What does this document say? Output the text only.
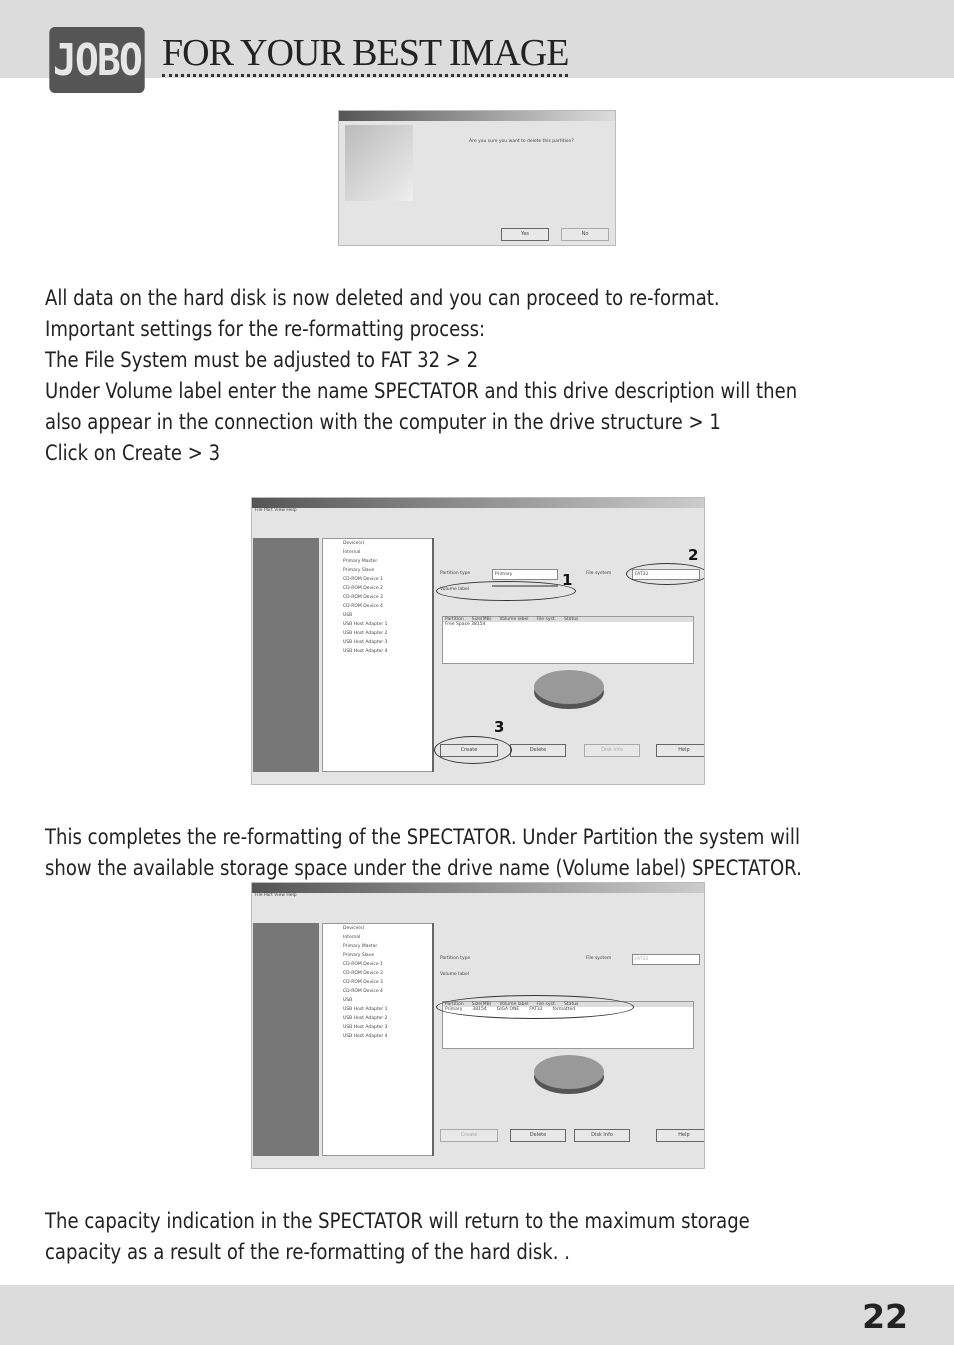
JOBO FOR YOUR BEST IMAGE
Are you sure you want to delete this partition?
Yes	No
All data on the hard disk is now deleted and you can proceed to re-format.
Important settings for the re-formatting process:
The File System must be adjusted to FAT 32 > 2
Under Volume label enter the name SPECTATOR and this drive description will then
also appear in the connection with the computer in the drive structure > 1
Click on Create > 3
File Part View Help
Device(s)
Internal
Primary Master
Primary Slave
CD-ROM Device 1
CD-ROM Device 2
CD-ROM Device 3
CD-ROM Device 4
USB
USB Host Adapter 1
USB Host Adapter 2
USB Host Adapter 3
USB Host Adapter 4
Partition type	Primary
Volume label
File system	FAT32
Partition Size(MB) Volume label File syst. Status
Free Space 38154
Create	Delete	Disk Info	Help
1
2
3
This completes the re-formatting of the SPECTATOR. Under Partition the system will
show the available storage space under the drive name (Volume label) SPECTATOR.
File Part View Help
Device(s)
Internal
Primary Master
Primary Slave
CD-ROM Device 1
CD-ROM Device 2
CD-ROM Device 3
CD-ROM Device 4
USB
USB Host Adapter 1
USB Host Adapter 2
USB Host Adapter 3
USB Host Adapter 4
Partition type
Volume label
File system	FAT32
Partition Size(MB) Volume label File syst. Status
Primary 38154 GIGA ONE FAT32 formatted
Create	Delete	Disk Info	Help
The capacity indication in the SPECTATOR will return to the maximum storage
capacity as a result of the re-formatting of the hard disk. .
22
